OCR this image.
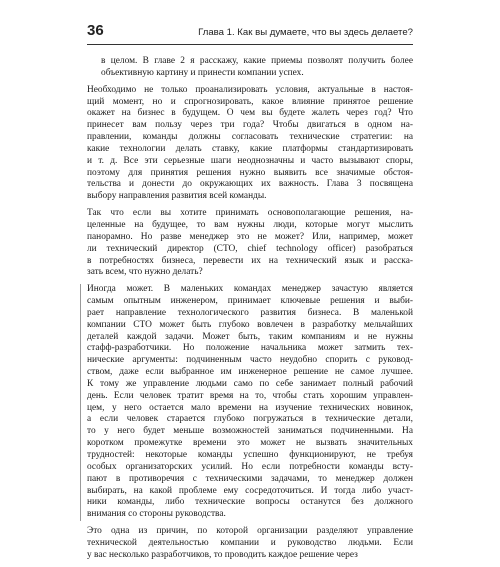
36	Глава 1. Как вы думаете, что вы здесь делаете?
в целом. В главе 2 я расскажу, какие приемы позволят получить более
объективную картину и принести компании успех.
Необходимо не только проанализировать условия, актуальные в настоя-
щий момент, но и спрогнозировать, какое влияние принятое решение
окажет на бизнес в будущем. О чем вы будете жалеть через год? Что
принесет вам пользу через три года? Чтобы двигаться в одном на-
правлении, команды должны согласовать технические стратегии: на
какие технологии делать ставку, какие платформы стандартизировать
и т. д. Все эти серьезные шаги неоднозначны и часто вызывают споры,
поэтому для принятия решения нужно выявить все значимые обстоя-
тельства и донести до окружающих их важность. Глава 3 посвящена
выбору направления развития всей команды.
Так что если вы хотите принимать основополагающие решения, на-
целенные на будущее, то вам нужны люди, которые могут мыслить
панорамно. Но разве менеджер это не может? Или, например, может
ли технический директор (CTO, chief technology officer) разобраться
в потребностях бизнеса, перевести их на технический язык и расска-
зать всем, что нужно делать?
Иногда может. В маленьких командах менеджер зачастую является
самым опытным инженером, принимает ключевые решения и выби-
рает направление технологического развития бизнеса. В маленькой
компании CTO может быть глубоко вовлечен в разработку мельчайших
деталей каждой задачи. Может быть, таким компаниям и не нужны
стафф-разработчики. Но положение начальника может затмить тех-
нические аргументы: подчиненным часто неудобно спорить с руковод-
ством, даже если выбранное им инженерное решение не самое лучшее.
К тому же управление людьми само по себе занимает полный рабочий
день. Если человек тратит время на то, чтобы стать хорошим управлен-
цем, у него остается мало времени на изучение технических новинок,
а если человек старается глубоко погружаться в технические детали,
то у него будет меньше возможностей заниматься подчиненными. На
коротком промежутке времени это может не вызвать значительных
трудностей: некоторые команды успешно функционируют, не требуя
особых организаторских усилий. Но если потребности команды всту-
пают в противоречия с техническими задачами, то менеджер должен
выбирать, на какой проблеме ему сосредоточиться. И тогда либо участ-
ники команды, либо технические вопросы останутся без должного
внимания со стороны руководства.
Это одна из причин, по которой организации разделяют управление
технической деятельностью компании и руководство людьми. Если
у вас несколько разработчиков, то проводить каждое решение через
